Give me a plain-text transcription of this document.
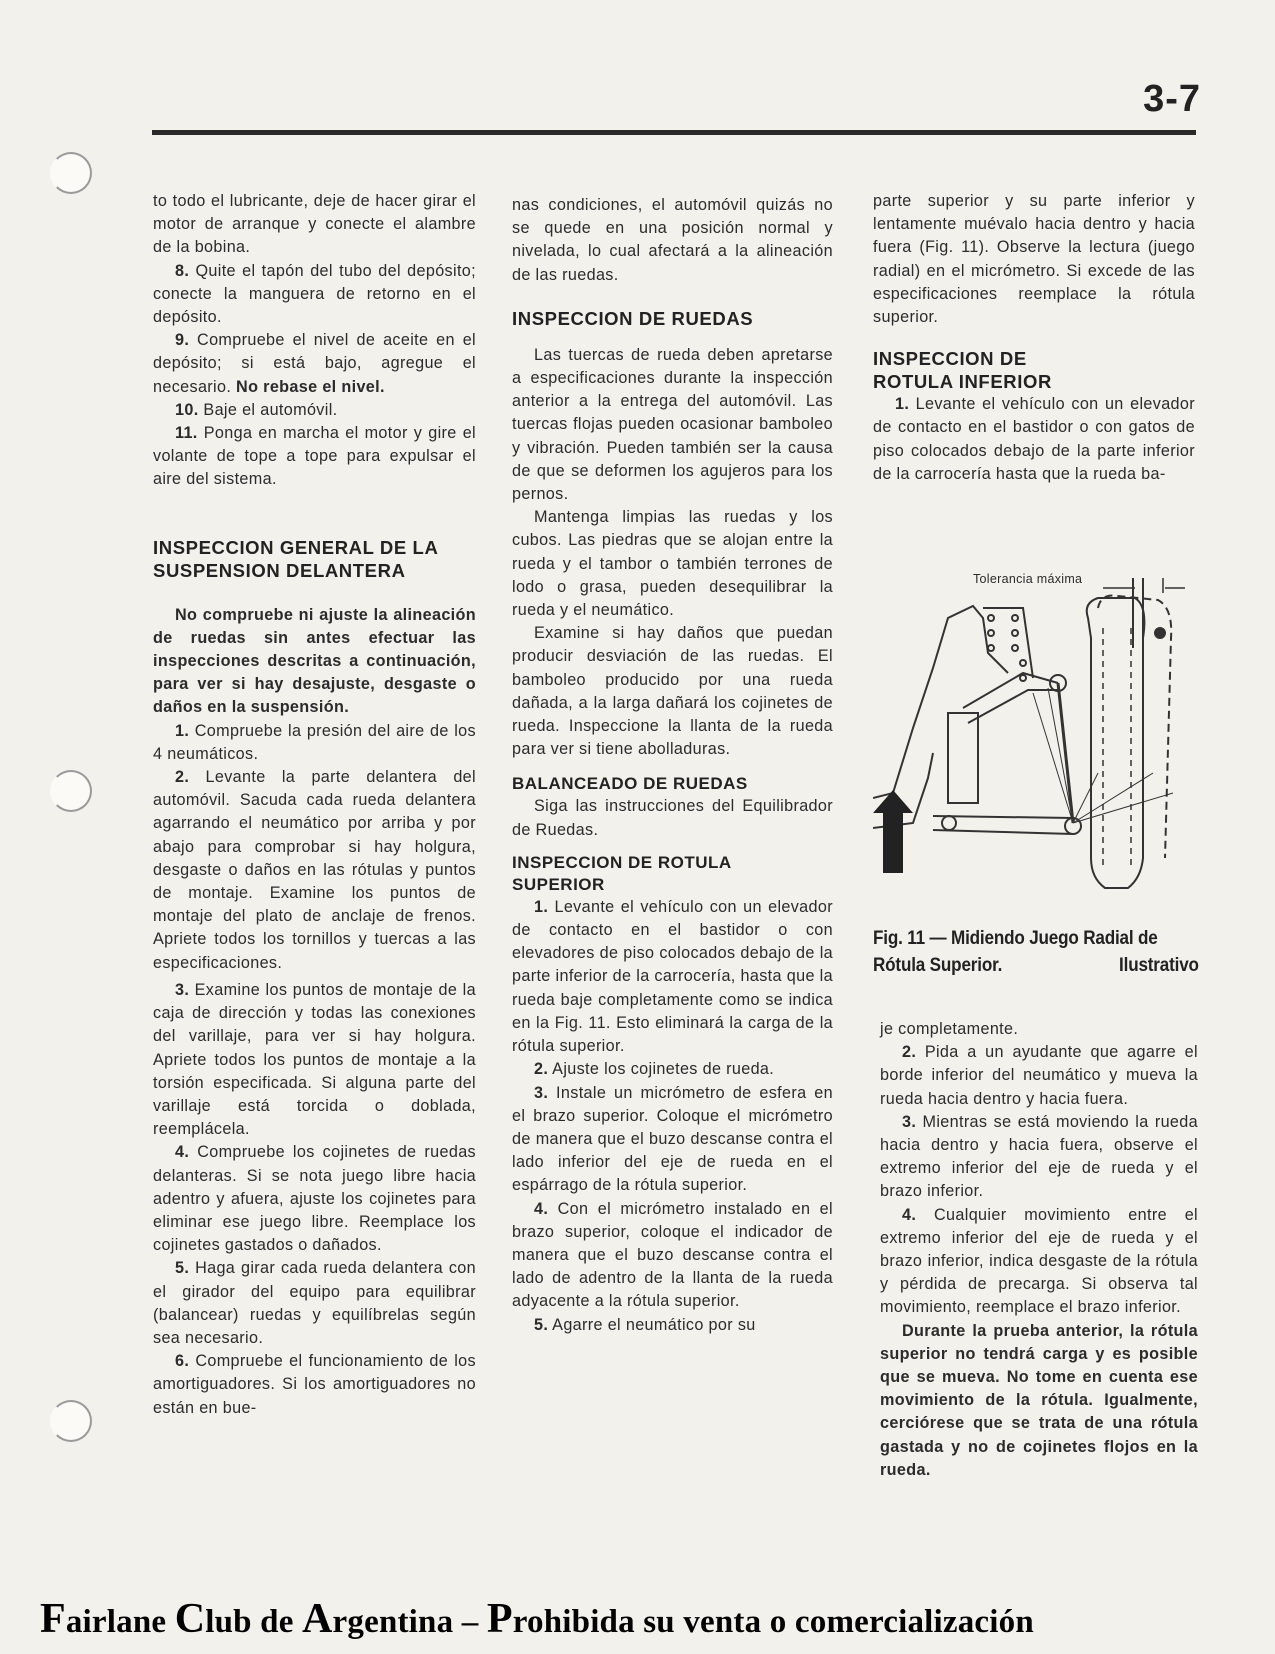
3-7

to todo el lubricante, deje de hacer girar el motor de arranque y conecte el alambre de la bobina.

8. Quite el tapón del tubo del depósito; conecte la manguera de retorno en el depósito.

9. Compruebe el nivel de aceite en el depósito; si está bajo, agregue el necesario. No rebase el nivel.

10. Baje el automóvil.

11. Ponga en marcha el motor y gire el volante de tope a tope para expulsar el aire del sistema.

INSPECCION GENERAL DE LA SUSPENSION DELANTERA

No compruebe ni ajuste la alineación de ruedas sin antes efectuar las inspecciones descritas a continuación, para ver si hay desajuste, desgaste o daños en la suspensión.

1. Compruebe la presión del aire de los 4 neumáticos.

2. Levante la parte delantera del automóvil. Sacuda cada rueda delantera agarrando el neumático por arriba y por abajo para comprobar si hay holgura, desgaste o daños en las rótulas y puntos de montaje. Examine los puntos de montaje del plato de anclaje de frenos. Apriete todos los tornillos y tuercas a las especificaciones.

3. Examine los puntos de montaje de la caja de dirección y todas las conexiones del varillaje, para ver si hay holgura. Apriete todos los puntos de montaje a la torsión especificada. Si alguna parte del varillaje está torcida o doblada, reemplácela.

4. Compruebe los cojinetes de ruedas delanteras. Si se nota juego libre hacia adentro y afuera, ajuste los cojinetes para eliminar ese juego libre. Reemplace los cojinetes gastados o dañados.

5. Haga girar cada rueda delantera con el girador del equipo para equilibrar (balancear) ruedas y equilíbrelas según sea necesario.

6. Compruebe el funcionamiento de los amortiguadores. Si los amortiguadores no están en bue-

nas condiciones, el automóvil quizás no se quede en una posición normal y nivelada, lo cual afectará a la alineación de las ruedas.

INSPECCION DE RUEDAS

Las tuercas de rueda deben apretarse a especificaciones durante la inspección anterior a la entrega del automóvil. Las tuercas flojas pueden ocasionar bamboleo y vibración. Pueden también ser la causa de que se deformen los agujeros para los pernos.

Mantenga limpias las ruedas y los cubos. Las piedras que se alojan entre la rueda y el tambor o también terrones de lodo o grasa, pueden desequilibrar la rueda y el neumático.

Examine si hay daños que puedan producir desviación de las ruedas. El bamboleo producido por una rueda dañada, a la larga dañará los cojinetes de rueda. Inspeccione la llanta de la rueda para ver si tiene abolladuras.

BALANCEADO DE RUEDAS

Siga las instrucciones del Equilibrador de Ruedas.

INSPECCION DE ROTULA SUPERIOR

1. Levante el vehículo con un elevador de contacto en el bastidor o con elevadores de piso colocados debajo de la parte inferior de la carrocería, hasta que la rueda baje completamente como se indica en la Fig. 11. Esto eliminará la carga de la rótula superior.

2. Ajuste los cojinetes de rueda.

3. Instale un micrómetro de esfera en el brazo superior. Coloque el micrómetro de manera que el buzo descanse contra el lado inferior del eje de rueda en el espárrago de la rótula superior.

4. Con el micrómetro instalado en el brazo superior, coloque el indicador de manera que el buzo descanse contra el lado de adentro de la llanta de la rueda adyacente a la rótula superior.

5. Agarre el neumático por su

parte superior y su parte inferior y lentamente muévalo hacia dentro y hacia fuera (Fig. 11). Observe la lectura (juego radial) en el micrómetro. Si excede de las especificaciones reemplace la rótula superior.

INSPECCION DE ROTULA INFERIOR

1. Levante el vehículo con un elevador de contacto en el bastidor o con gatos de piso colocados debajo de la parte inferior de la carrocería hasta que la rueda ba-

Tolerancia máxima
Fig. 11 — Midiendo Juego Radial de
Rótula Superior.	Ilustrativo

je completamente.

2. Pida a un ayudante que agarre el borde inferior del neumático y mueva la rueda hacia dentro y hacia fuera.

3. Mientras se está moviendo la rueda hacia dentro y hacia fuera, observe el extremo inferior del eje de rueda y el brazo inferior.

4. Cualquier movimiento entre el extremo inferior del eje de rueda y el brazo inferior, indica desgaste de la rótula y pérdida de precarga. Si observa tal movimiento, reemplace el brazo inferior.

Durante la prueba anterior, la rótula superior no tendrá carga y es posible que se mueva. No tome en cuenta ese movimiento de la rótula. Igualmente, cerciórese que se trata de una rótula gastada y no de cojinetes flojos en la rueda.

Fairlane Club de Argentina – Prohibida su venta o comercialización
